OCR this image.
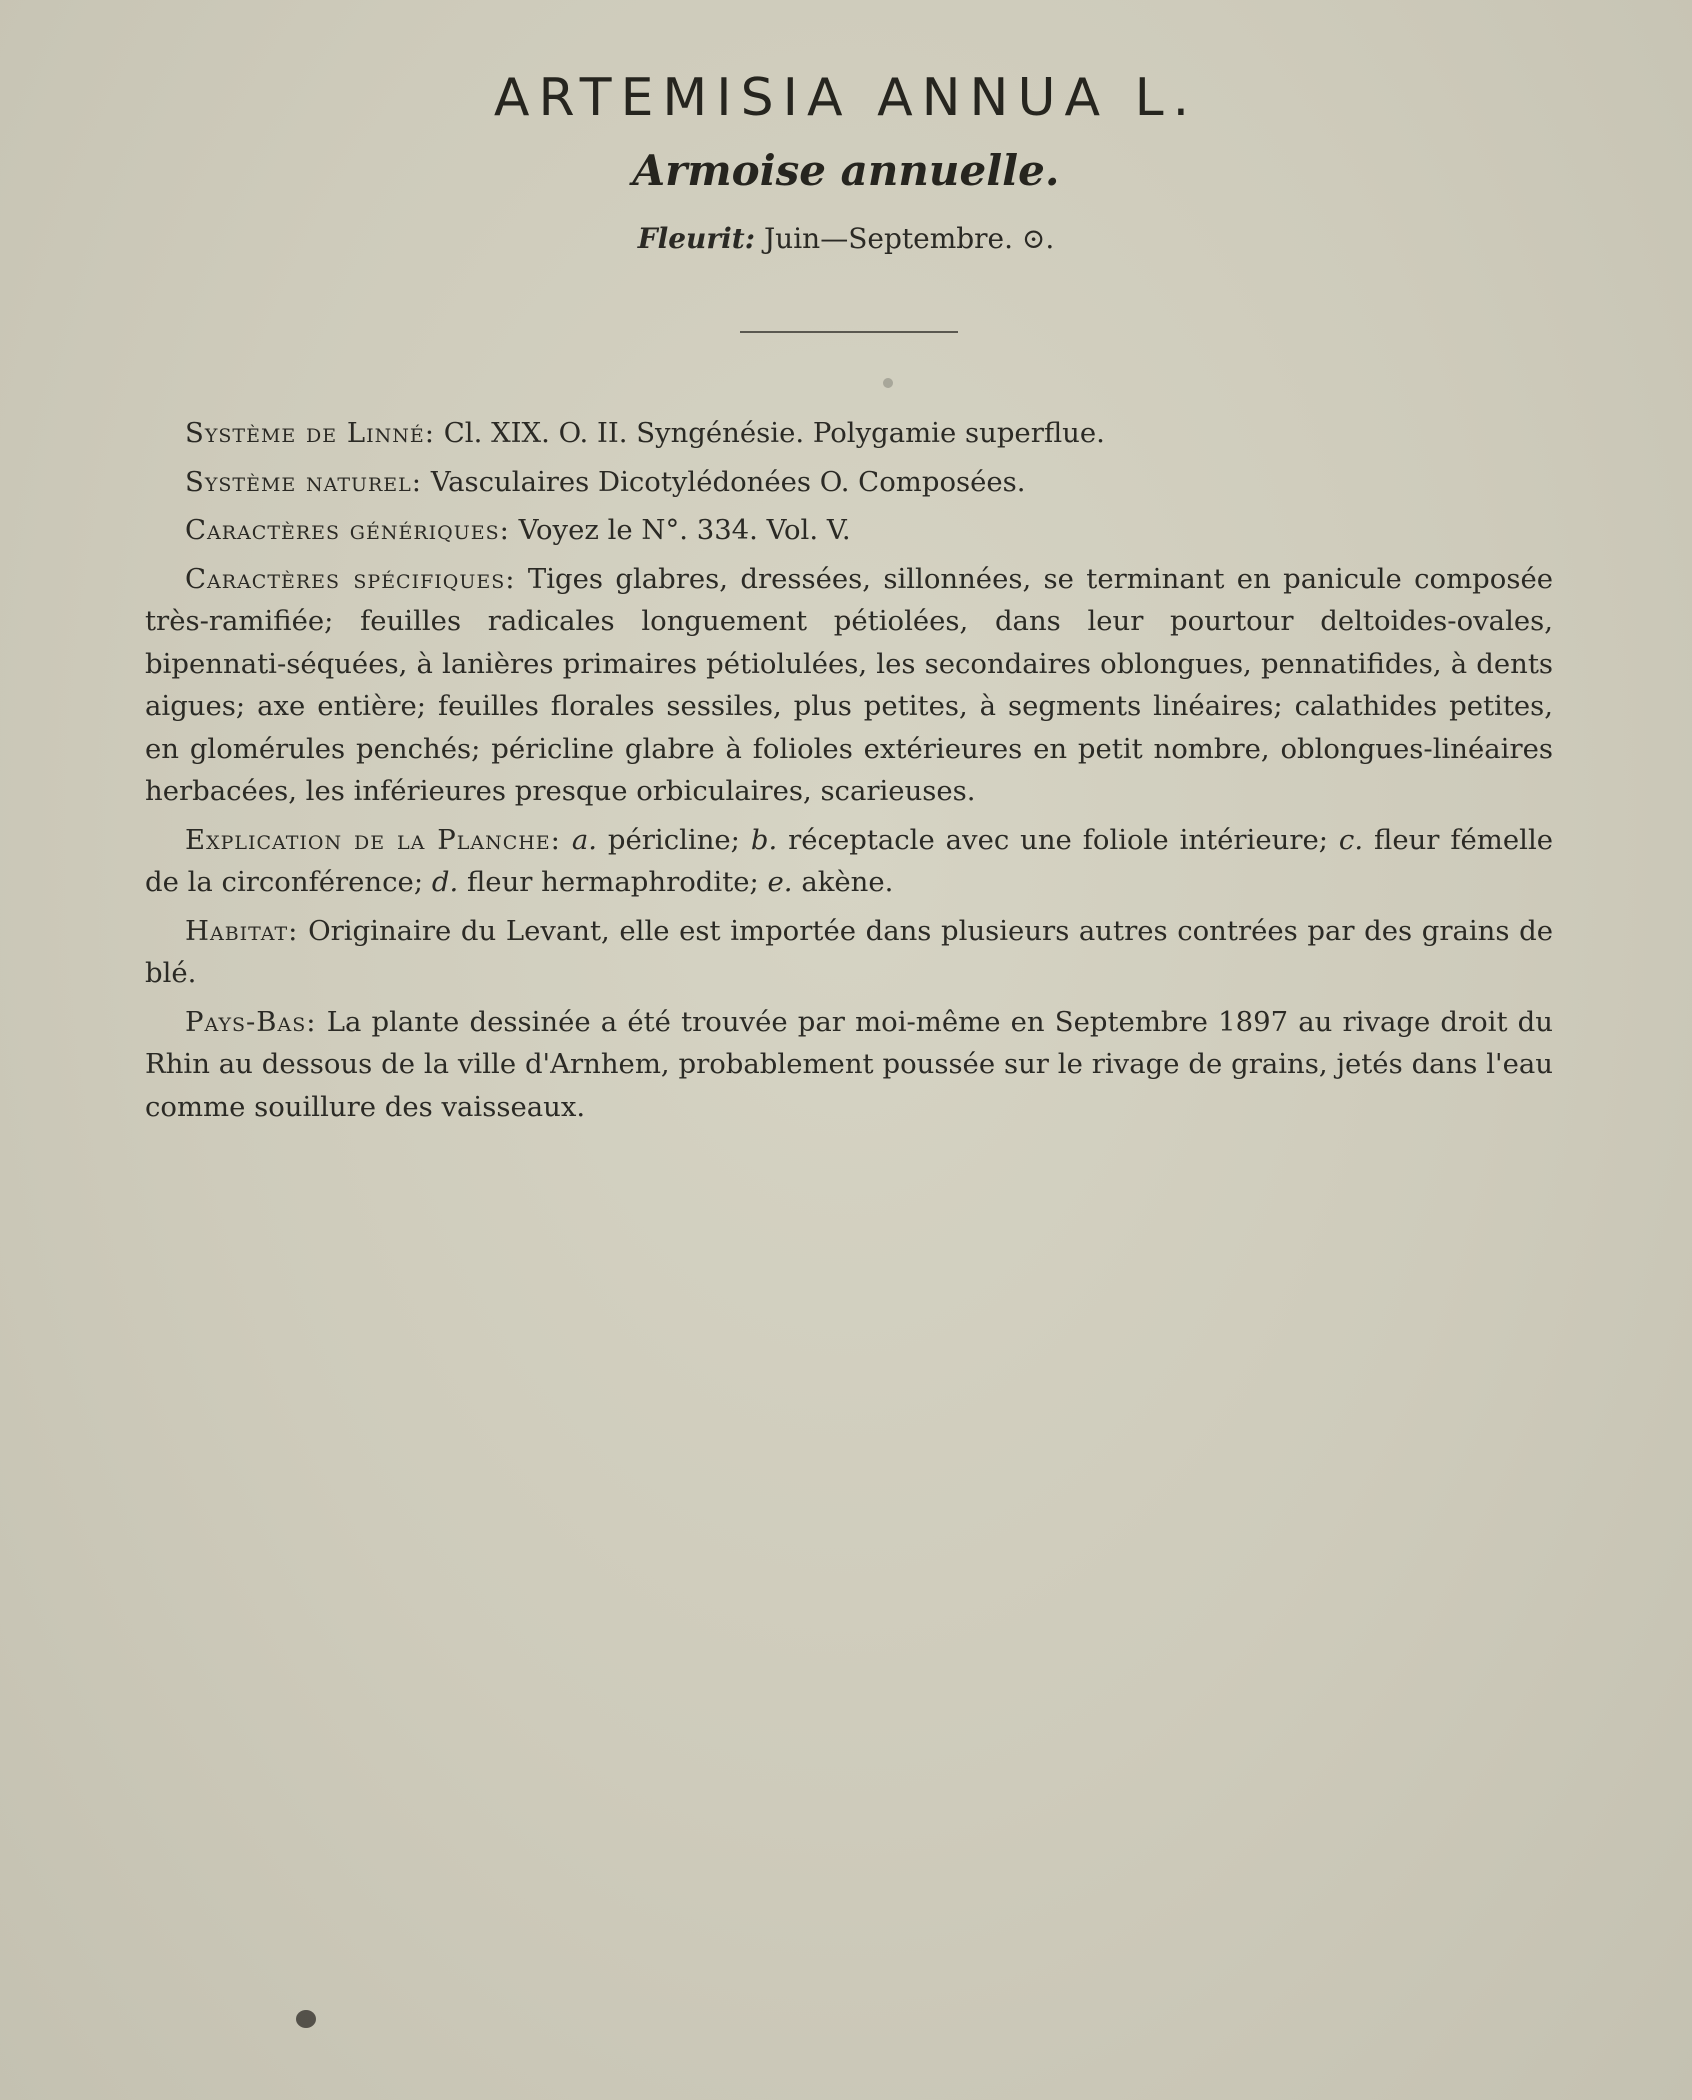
ARTEMISIA ANNUA L.
Armoise annuelle.
Fleurit: Juin—Septembre. ⊙.

Système de Linné: Cl. XIX. O. II. Syngénésie. Polygamie superflue.

Système naturel: Vasculaires Dicotylédonées O. Composées.

Caractères génériques: Voyez le N°. 334. Vol. V.

Caractères spécifiques: Tiges glabres, dressées, sillonnées, se terminant en panicule composée très-ramifiée; feuilles radicales longuement pétiolées, dans leur pourtour deltoides-ovales, bipennati-séquées, à lanières primaires pétiolulées, les secondaires oblongues, pennatifides, à dents aigues; axe entière; feuilles florales sessiles, plus petites, à segments linéaires; calathides petites, en glomérules penchés; péricline glabre à folioles extérieures en petit nombre, oblongues-linéaires herbacées, les inférieures presque orbiculaires, scarieuses.

Explication de la Planche: a. péricline; b. réceptacle avec une foliole intérieure; c. fleur fémelle de la circonférence; d. fleur hermaphrodite; e. akène.

Habitat: Originaire du Levant, elle est importée dans plusieurs autres contrées par des grains de blé.

Pays-Bas: La plante dessinée a été trouvée par moi-même en Septembre 1897 au rivage droit du Rhin au dessous de la ville d'Arnhem, probablement poussée sur le rivage de grains, jetés dans l'eau comme souillure des vaisseaux.
